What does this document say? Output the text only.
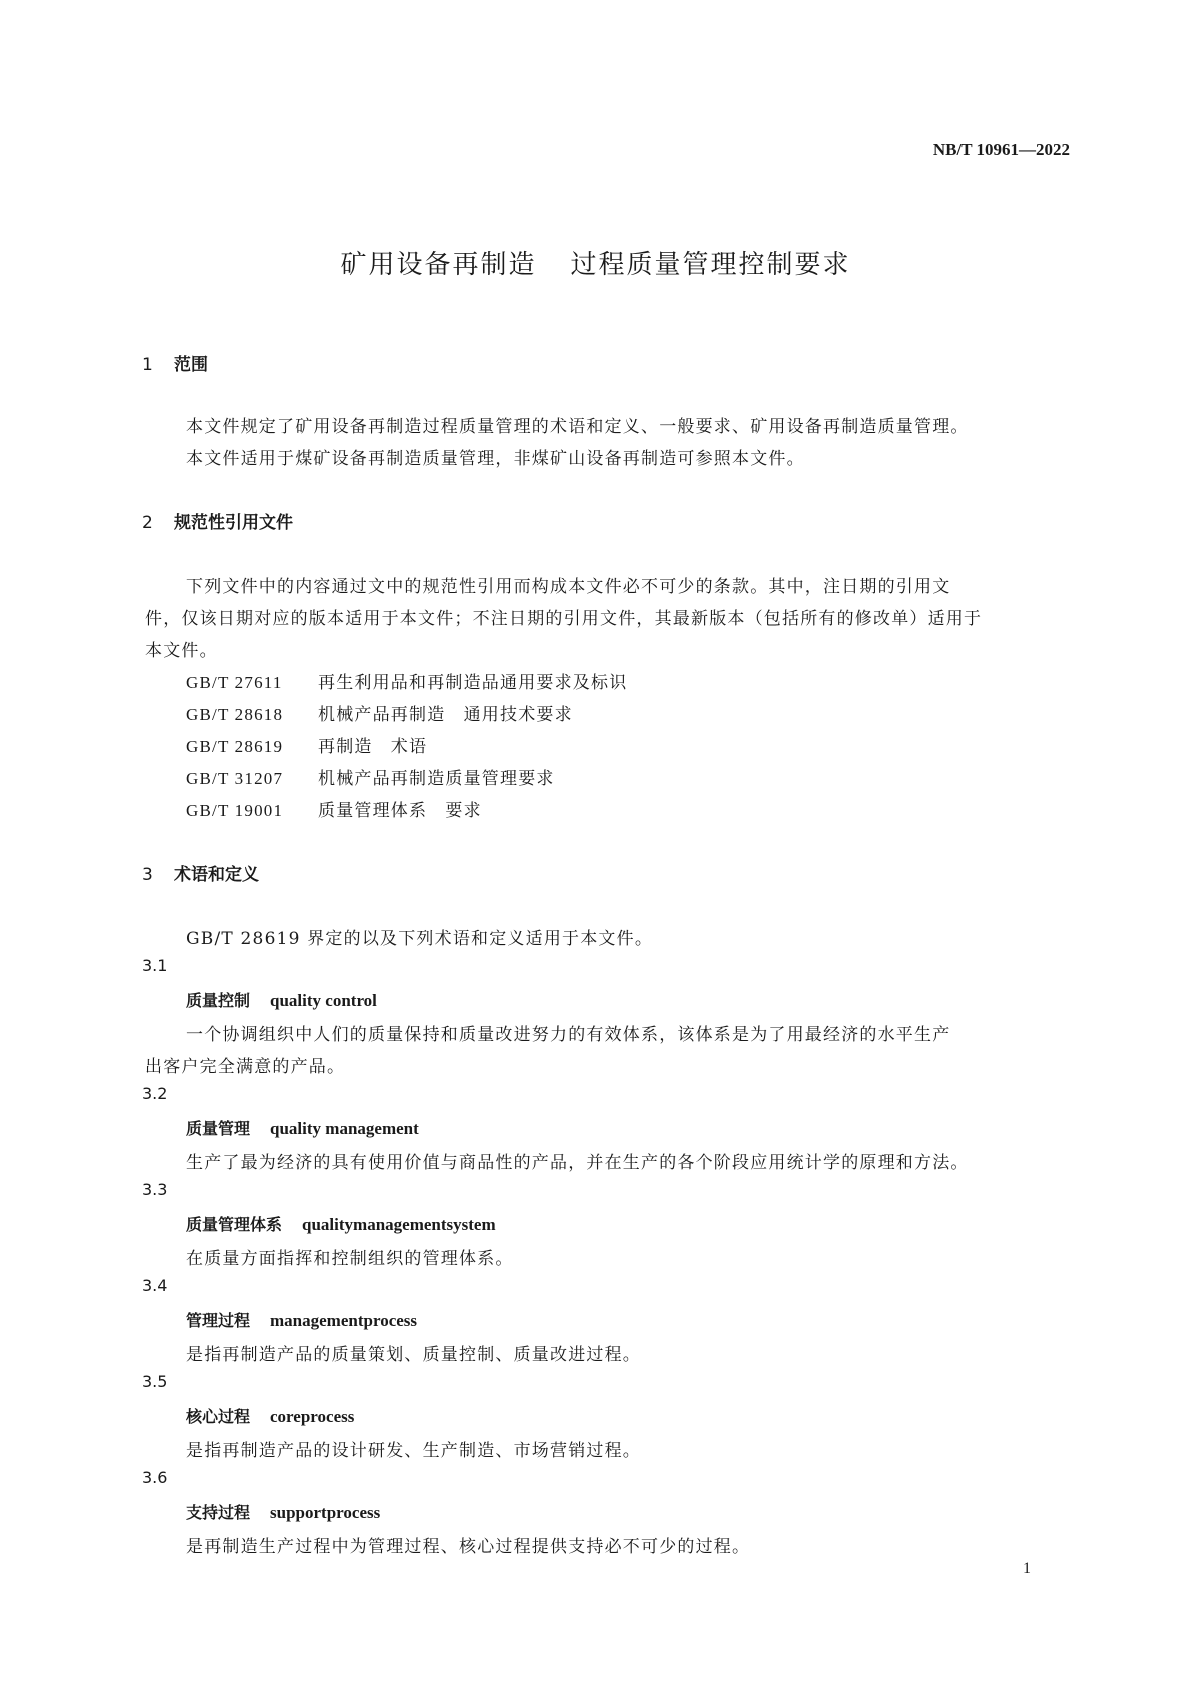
NB/T 10961—2022
矿用设备再制造 过程质量管理控制要求
1 范围
本文件规定了矿用设备再制造过程质量管理的术语和定义、一般要求、矿用设备再制造质量管理。
本文件适用于煤矿设备再制造质量管理，非煤矿山设备再制造可参照本文件。
2 规范性引用文件
下列文件中的内容通过文中的规范性引用而构成本文件必不可少的条款。其中，注日期的引用文
件，仅该日期对应的版本适用于本文件；不注日期的引用文件，其最新版本（包括所有的修改单）适用于
本文件。
GB/T 27611 再生利用品和再制造品通用要求及标识
GB/T 28618 机械产品再制造　通用技术要求
GB/T 28619 再制造　术语
GB/T 31207 机械产品再制造质量管理要求
GB/T 19001 质量管理体系　要求
3 术语和定义
GB/T 28619 界定的以及下列术语和定义适用于本文件。
3.1
质量控制 quality control
一个协调组织中人们的质量保持和质量改进努力的有效体系，该体系是为了用最经济的水平生产
出客户完全满意的产品。
3.2
质量管理 quality management
生产了最为经济的具有使用价值与商品性的产品，并在生产的各个阶段应用统计学的原理和方法。
3.3
质量管理体系 qualitymanagementsystem
在质量方面指挥和控制组织的管理体系。
3.4
管理过程 managementprocess
是指再制造产品的质量策划、质量控制、质量改进过程。
3.5
核心过程 coreprocess
是指再制造产品的设计研发、生产制造、市场营销过程。
3.6
支持过程 supportprocess
是再制造生产过程中为管理过程、核心过程提供支持必不可少的过程。
1
